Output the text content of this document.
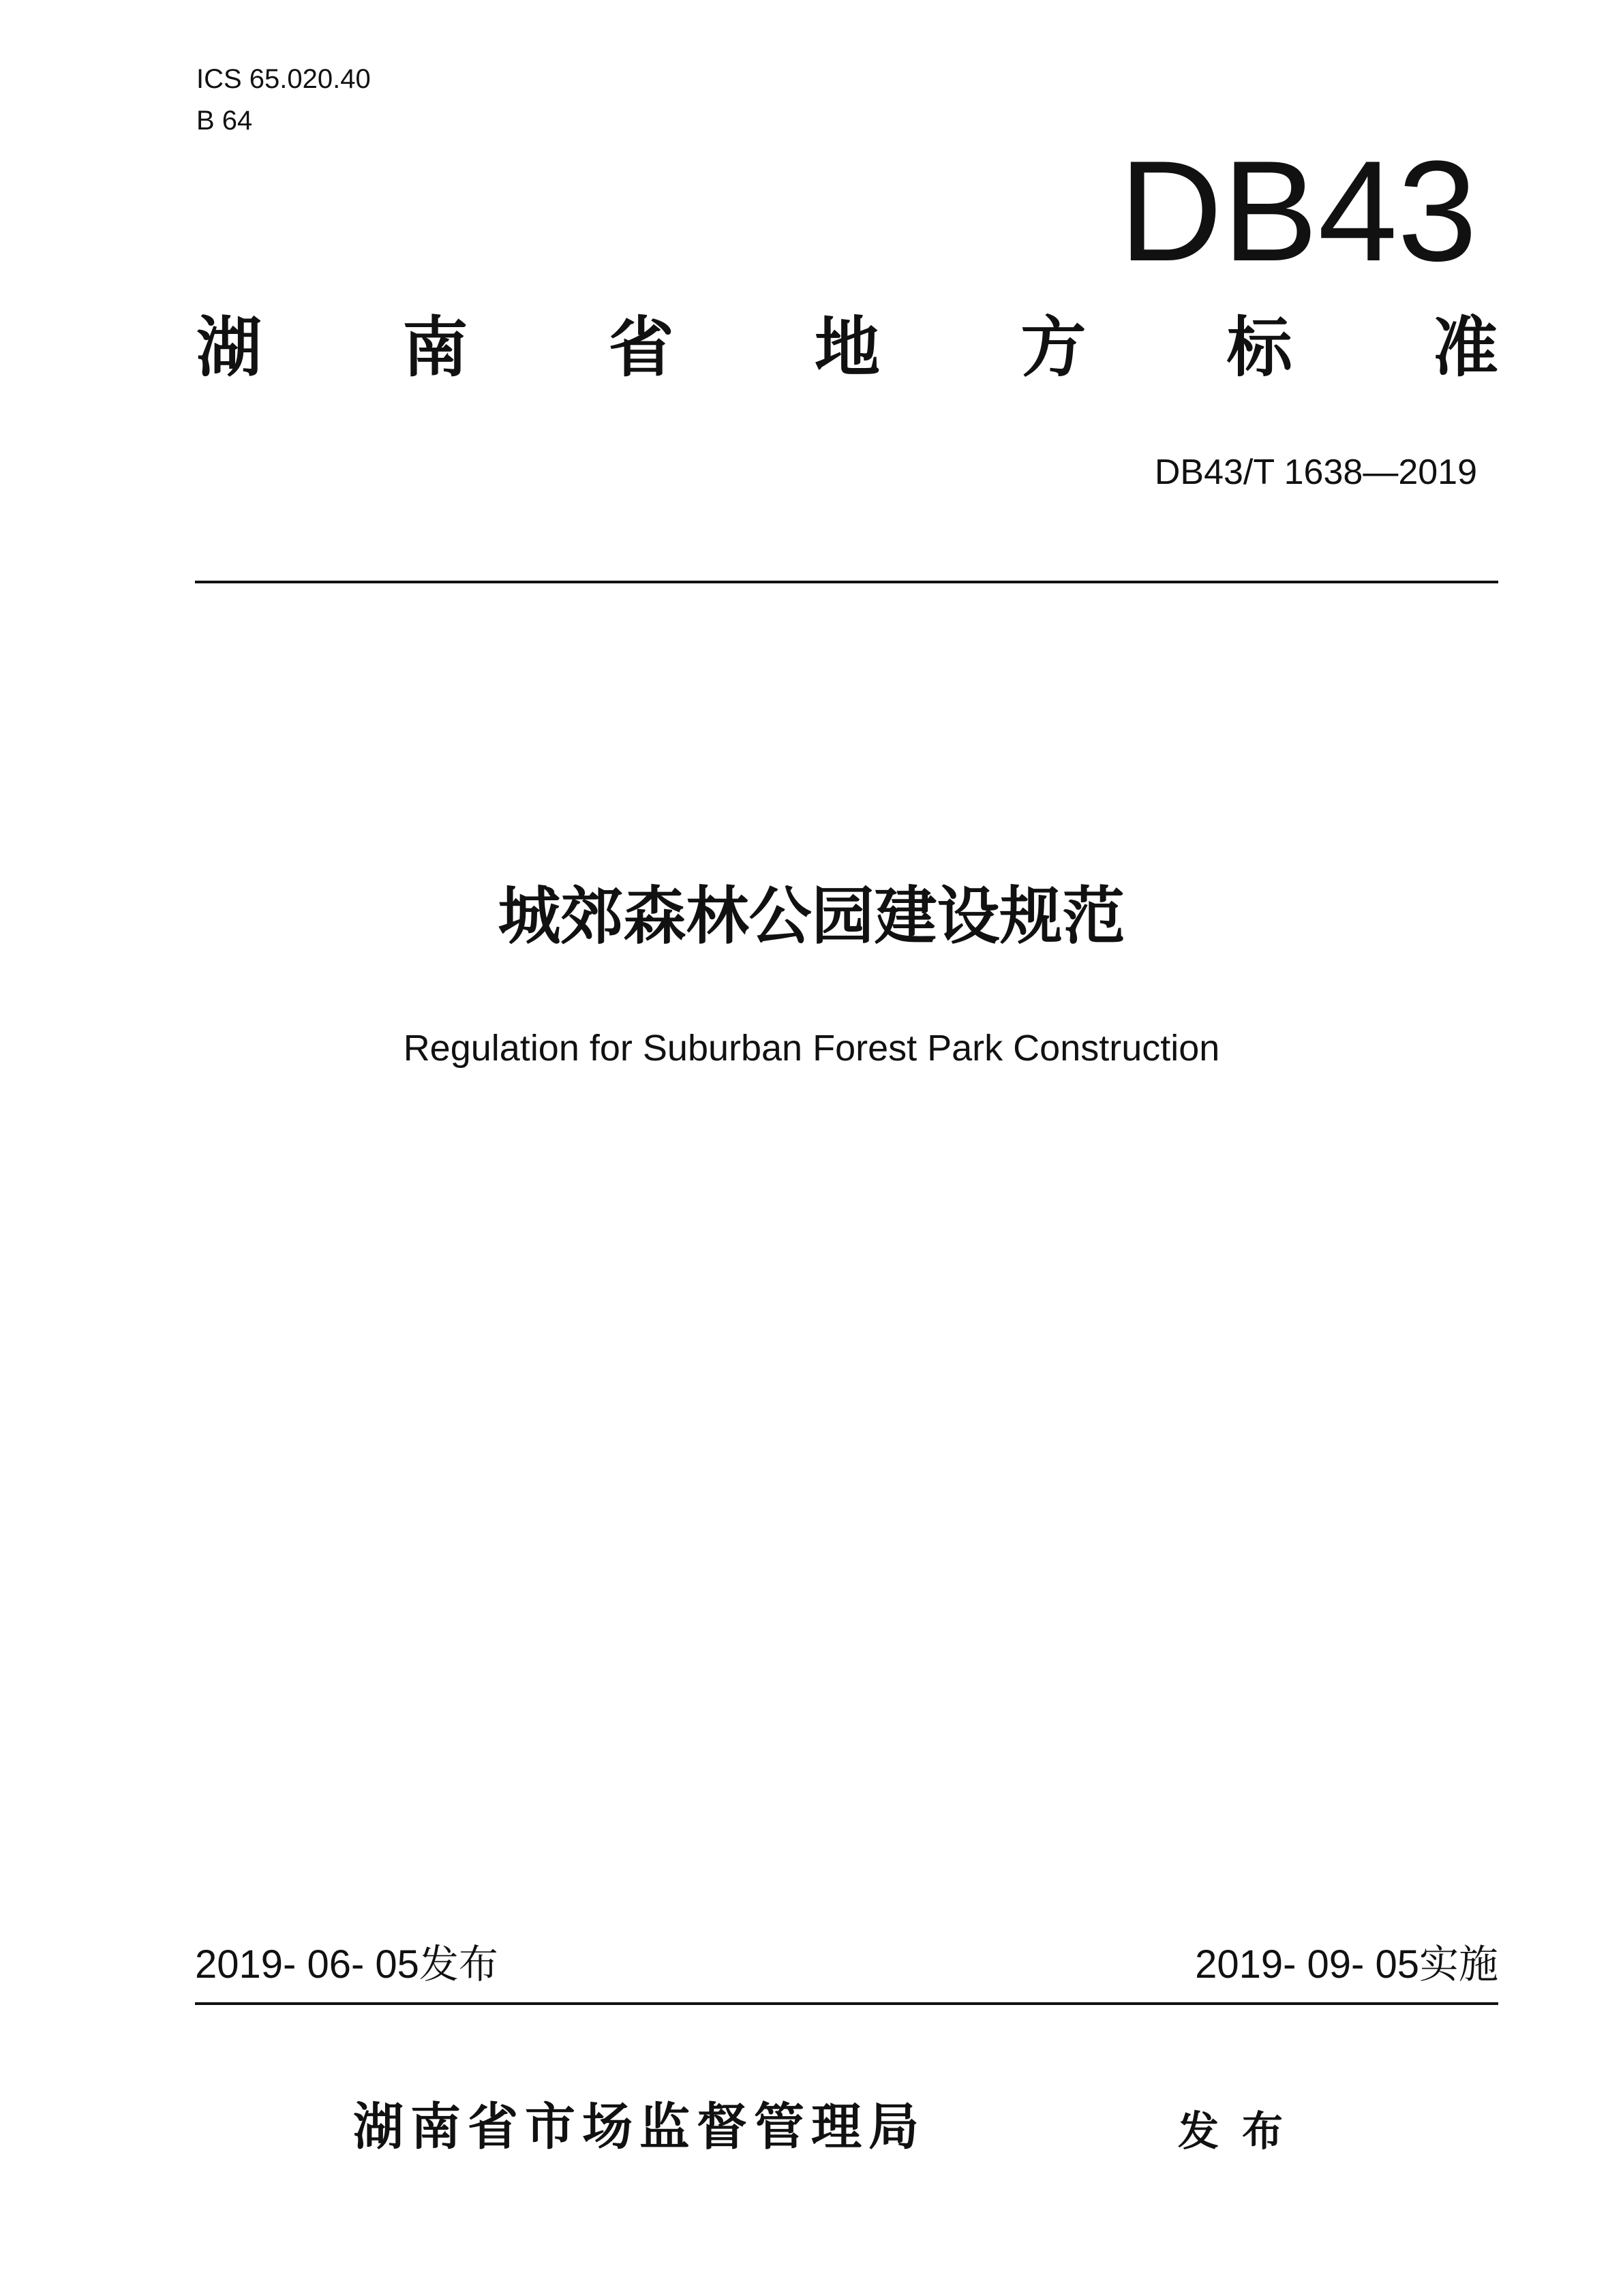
ICS 65.020.40
B 64
DB43
湖 南 省 地 方 标 准
DB43/T 1638—2019
城郊森林公园建设规范
Regulation for Suburban Forest Park Construction
2019- 06- 05发布	2019- 09- 05实施
湖南省市场监督管理局	发布
